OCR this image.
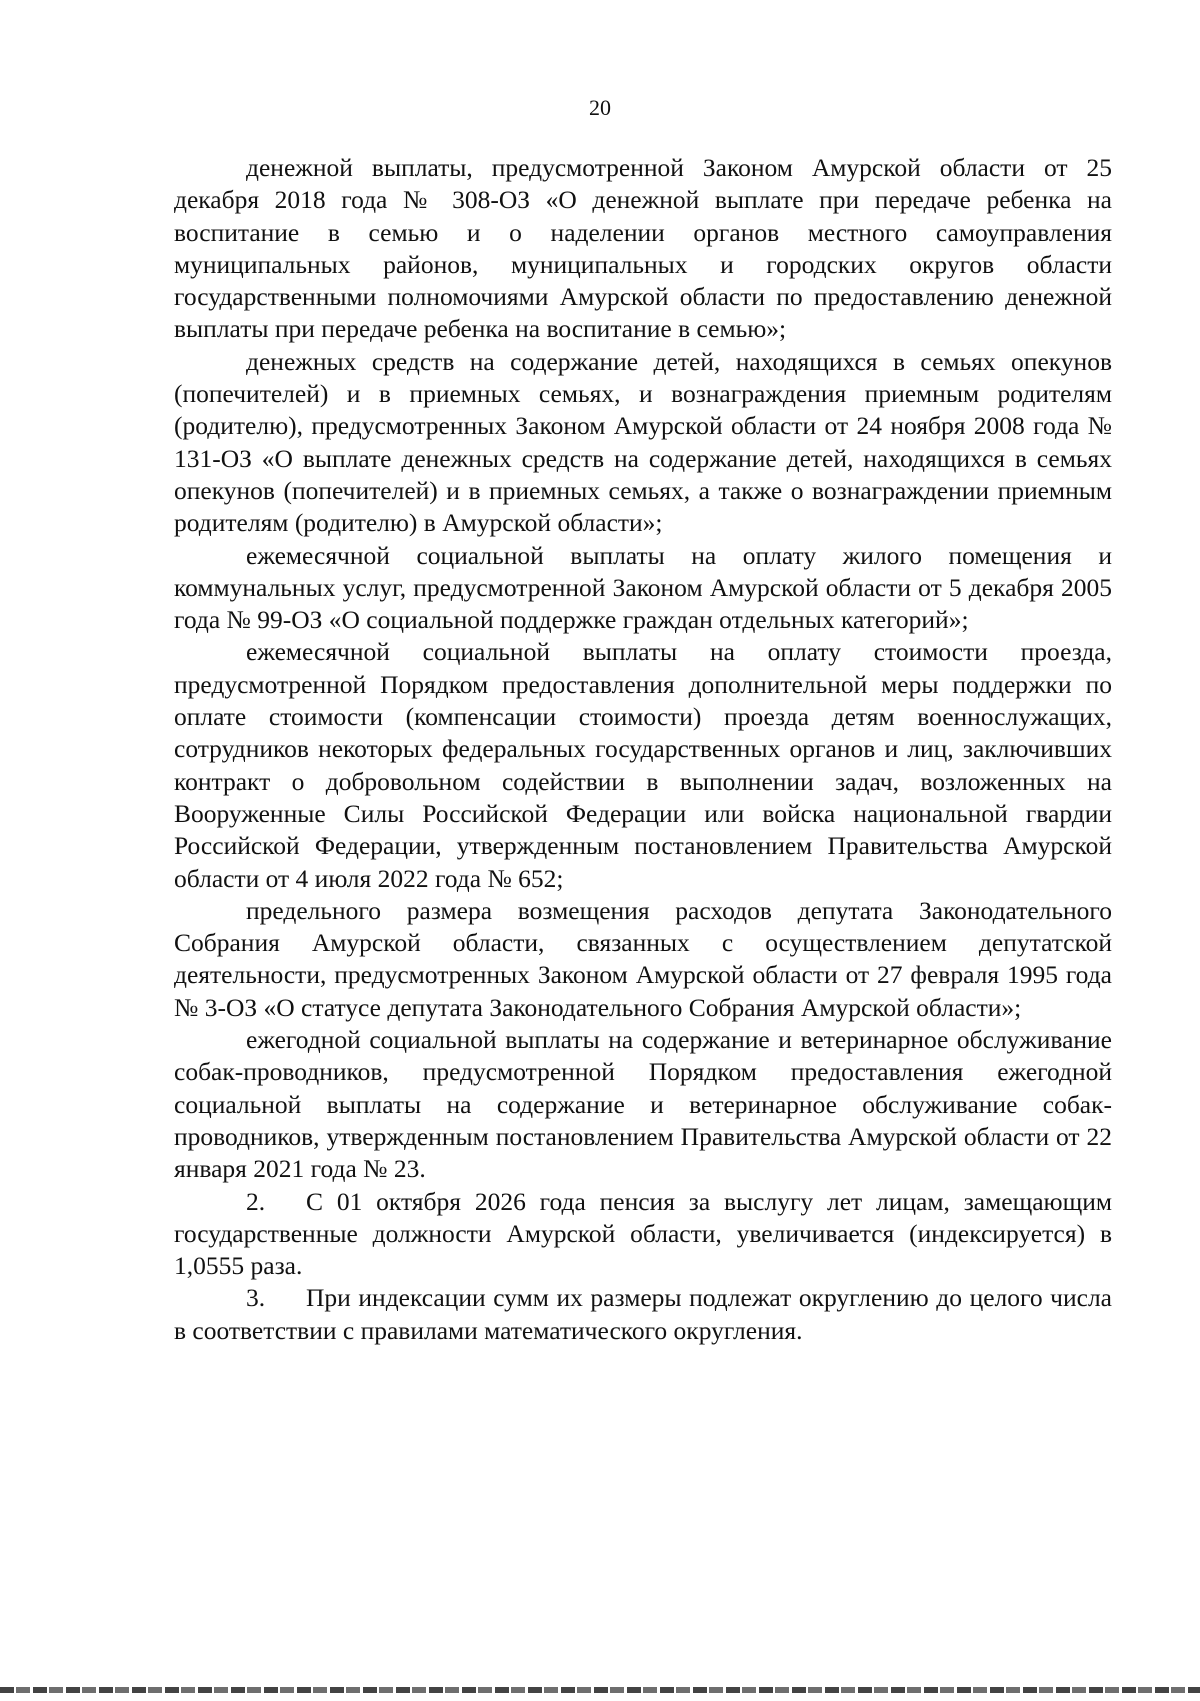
20

денежной выплаты, предусмотренной Законом Амурской области от 25 декабря 2018 года № 308-ОЗ «О денежной выплате при передаче ребенка на воспитание в семью и о наделении органов местного самоуправления муниципальных районов, муниципальных и городских округов области государственными полномочиями Амурской области по предоставлению денежной выплаты при передаче ребенка на воспитание в семью»;

денежных средств на содержание детей, находящихся в семьях опекунов (попечителей) и в приемных семьях, и вознаграждения приемным родителям (родителю), предусмотренных Законом Амурской области от 24 ноября 2008 года № 131-ОЗ «О выплате денежных средств на содержание детей, находящихся в семьях опекунов (попечителей) и в приемных семьях, а также о вознаграждении приемным родителям (родителю) в Амурской области»;

ежемесячной социальной выплаты на оплату жилого помещения и коммунальных услуг, предусмотренной Законом Амурской области от 5 декабря 2005 года № 99-ОЗ «О социальной поддержке граждан отдельных категорий»;

ежемесячной социальной выплаты на оплату стоимости проезда, предусмотренной Порядком предоставления дополнительной меры поддержки по оплате стоимости (компенсации стоимости) проезда детям военнослужащих, сотрудников некоторых федеральных государственных органов и лиц, заключивших контракт о добровольном содействии в выполнении задач, возложенных на Вооруженные Силы Российской Федерации или войска национальной гвардии Российской Федерации, утвержденным постановлением Правительства Амурской области от 4 июля 2022 года № 652;

предельного размера возмещения расходов депутата Законодательного Собрания Амурской области, связанных с осуществлением депутатской деятельности, предусмотренных Законом Амурской области от 27 февраля 1995 года № 3-ОЗ «О статусе депутата Законодательного Собрания Амурской области»;

ежегодной социальной выплаты на содержание и ветеринарное обслуживание собак-проводников, предусмотренной Порядком предоставления ежегодной социальной выплаты на содержание и ветеринарное обслуживание собак-проводников, утвержденным постановлением Правительства Амурской области от 22 января 2021 года № 23.

2. С 01 октября 2026 года пенсия за выслугу лет лицам, замещающим государственные должности Амурской области, увеличивается (индексируется) в 1,0555 раза.

3. При индексации сумм их размеры подлежат округлению до целого числа в соответствии с правилами математического округления.
